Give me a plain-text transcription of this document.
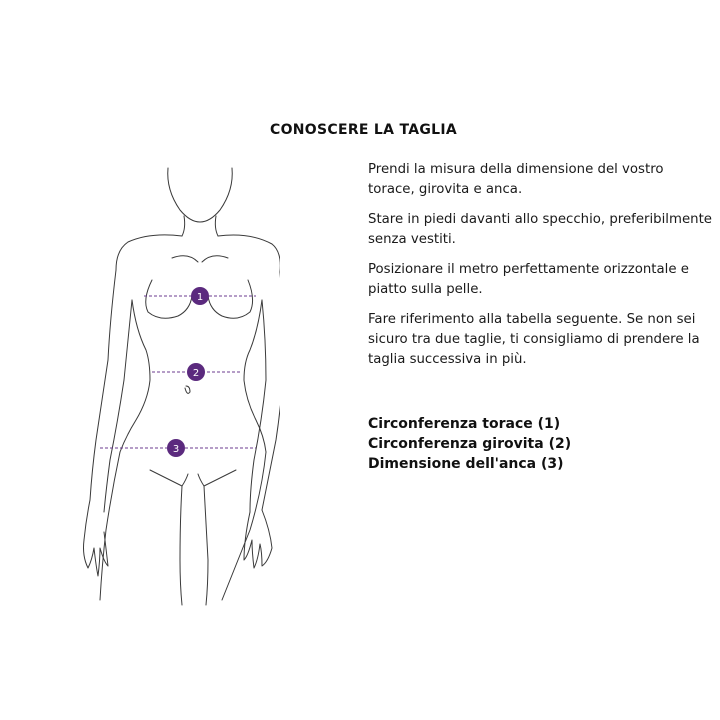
CONOSCERE LA TAGLIA
1
2
3

Prendi la misura della dimensione del vostro torace, girovita e anca.

Stare in piedi davanti allo specchio, preferibilmente senza vestiti.

Posizionare il metro perfettamente orizzontale e piatto sulla pelle.

Fare riferimento alla tabella seguente. Se non sei sicuro tra due taglie, ti consigliamo di prendere la taglia successiva in più.

Circonferenza torace (1)
Circonferenza girovita (2)
Dimensione dell'anca (3)
